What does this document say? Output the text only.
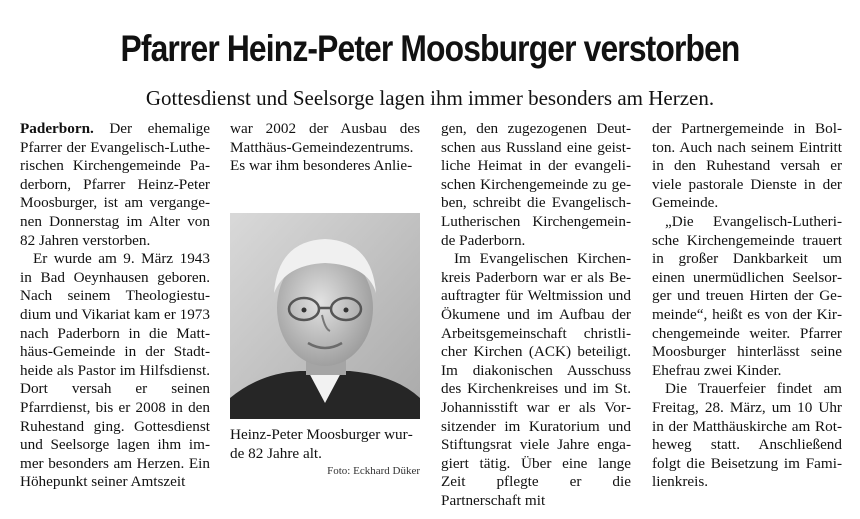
Pfarrer Heinz-Peter Moosburger verstorben
Gottesdienst und Seelsorge lagen ihm immer besonders am Herzen.

Paderborn. Der ehemalige Pfarrer der Evangelisch-Lutherischen Kirchengemeinde Paderborn, Pfarrer Heinz-Peter Moosburger, ist am vergangenen Donnerstag im Alter von 82 Jahren verstorben.

Er wurde am 9. März 1943 in Bad Oeynhausen geboren. Nach seinem Theologiestudium und Vikariat kam er 1973 nach Paderborn in die Matthäus-Gemeinde in der Stadtheide als Pastor im Hilfsdienst. Dort versah er seinen Pfarrdienst, bis er 2008 in den Ruhestand ging. Gottesdienst und Seelsorge lagen ihm immer besonders am Herzen. Ein Höhepunkt seiner Amtszeit

war 2002 der Ausbau des Matthäus-Gemeindezentrums. Es war ihm besonderes Anlie-

Heinz-Peter Moosburger wurde 82 Jahre alt.
Foto: Eckhard Düker

gen, den zugezogenen Deutschen aus Russland eine geistliche Heimat in der evangelischen Kirchengemeinde zu geben, schreibt die Evangelisch-Lutherischen Kirchengemeinde Paderborn.

Im Evangelischen Kirchenkreis Paderborn war er als Beauftragter für Weltmission und Ökumene und im Aufbau der Arbeitsgemeinschaft christlicher Kirchen (ACK) beteiligt. Im diakonischen Ausschuss des Kirchenkreises und im St. Johannisstift war er als Vorsitzender im Kuratorium und Stiftungsrat viele Jahre engagiert tätig. Über eine lange Zeit pflegte er die Partnerschaft mit

der Partnergemeinde in Bolton. Auch nach seinem Eintritt in den Ruhestand versah er viele pastorale Dienste in der Gemeinde.

„Die Evangelisch-Lutherische Kirchengemeinde trauert in großer Dankbarkeit um einen unermüdlichen Seelsorger und treuen Hirten der Gemeinde“, heißt es von der Kirchengemeinde weiter. Pfarrer Moosburger hinterlässt seine Ehefrau zwei Kinder.

Die Trauerfeier findet am Freitag, 28. März, um 10 Uhr in der Matthäuskirche am Rotheweg statt. Anschließend folgt die Beisetzung im Familienkreis.
